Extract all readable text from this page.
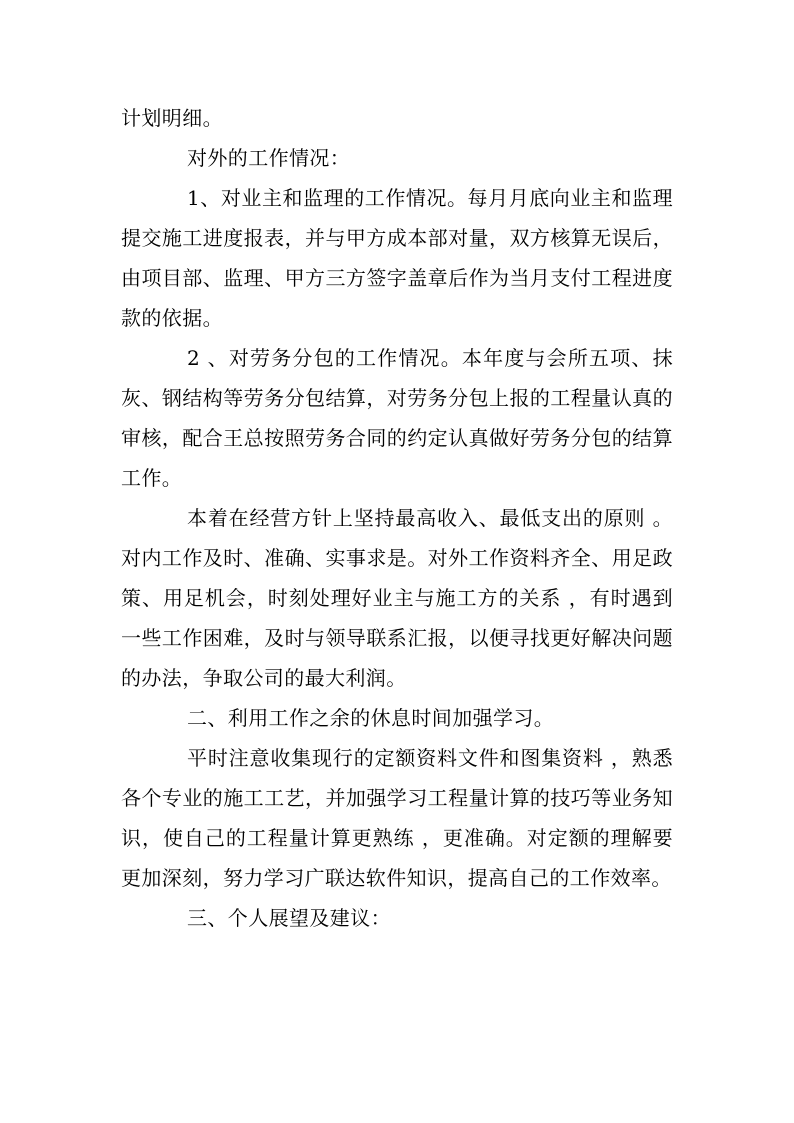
计划明细。

对外的工作情况：

1、对业主和监理的工作情况。每月月底向业主和监理提交施工进度报表，并与甲方成本部对量，双方核算无误后，由项目部、监理、甲方三方签字盖章后作为当月支付工程进度款的依据。

2 、对劳务分包的工作情况。本年度与会所五项、抹灰、钢结构等劳务分包结算，对劳务分包上报的工程量认真的审核，配合王总按照劳务合同的约定认真做好劳务分包的结算工作。

本着在经营方针上坚持最高收入、最低支出的原则 。对内工作及时、准确、实事求是。对外工作资料齐全、用足政策、用足机会，时刻处理好业主与施工方的关系 ，有时遇到一些工作困难，及时与领导联系汇报，以便寻找更好解决问题的办法，争取公司的最大利润。

二、利用工作之余的休息时间加强学习。

平时注意收集现行的定额资料文件和图集资料 ，熟悉各个专业的施工工艺，并加强学习工程量计算的技巧等业务知识，使自己的工程量计算更熟练 ，更准确。对定额的理解要更加深刻，努力学习广联达软件知识，提高自己的工作效率。

三、个人展望及建议：
